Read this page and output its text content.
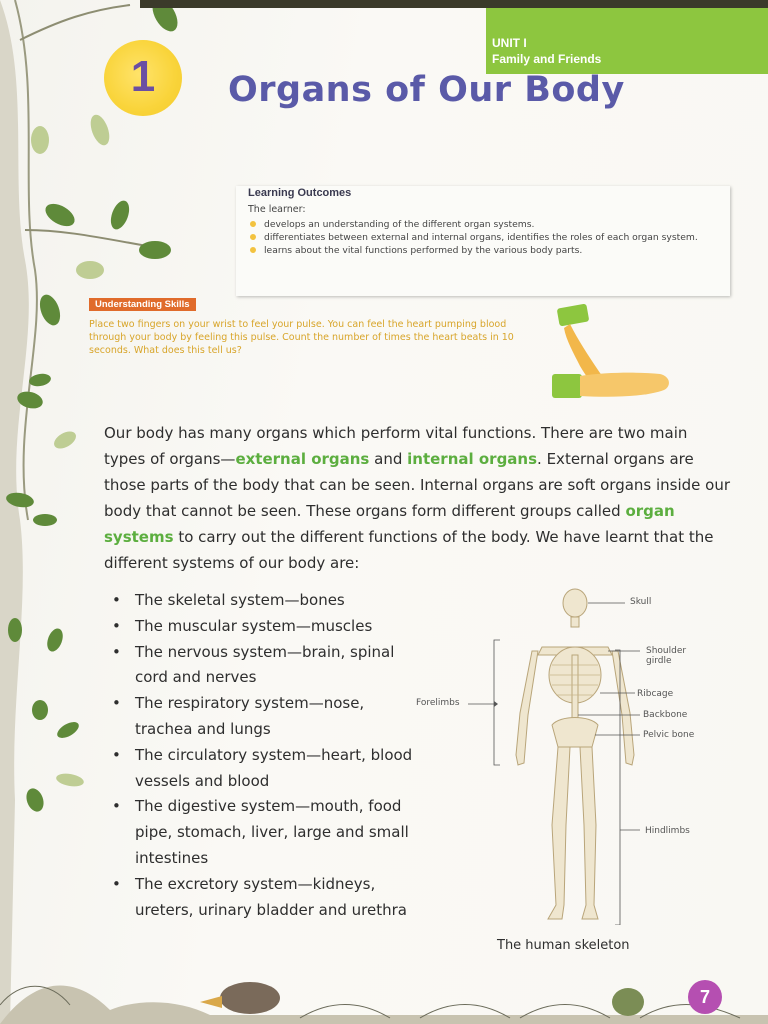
UNIT I
Family and Friends
1	Organs of Our Body
Learning Outcomes
The learner:
develops an understanding of the different organ systems.
differentiates between external and internal organs, identifies the roles of each organ system.
learns about the vital functions performed by the various body parts.
Understanding Skills
Place two fingers on your wrist to feel your pulse. You can feel the heart pumping blood through your body by feeling this pulse. Count the number of times the heart beats in 10 seconds. What does this tell us?
Our body has many organs which perform vital functions. There are two main types of organs—external organs and internal organs. External organs are those parts of the body that can be seen. Internal organs are soft organs inside our body that cannot be seen. These organs form different groups called organ systems to carry out the different functions of the body. We have learnt that the different systems of our body are:
• The skeletal system—bones
• The muscular system—muscles
• The nervous system—brain, spinal cord and nerves
• The respiratory system—nose, trachea and lungs
• The circulatory system—heart, blood vessels and blood
• The digestive system—mouth, food pipe, stomach, liver, large and small intestines
• The excretory system—kidneys, ureters, urinary bladder and urethra
Skull
Shoulder girdle
Ribcage
Backbone
Pelvic bone
Forelimbs
Hindlimbs
The human skeleton
7
